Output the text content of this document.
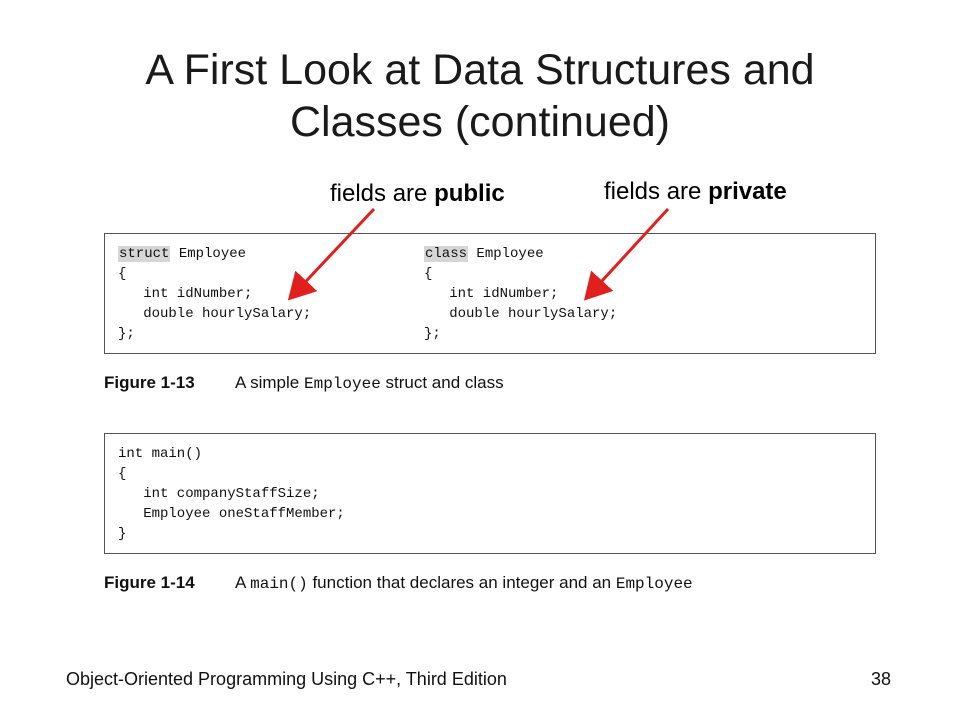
A First Look at Data Structures and
Classes (continued)
fields are public	fields are private
struct Employee
{
int idNumber;
double hourlySalary;
};
class Employee
{
int idNumber;
double hourlySalary;
};
Figure 1-13 A simple Employee struct and class
int main()
{
int companyStaffSize;
Employee oneStaffMember;
}
Figure 1-14 A main() function that declares an integer and an Employee
Object-Oriented Programming Using C++, Third Edition	38
